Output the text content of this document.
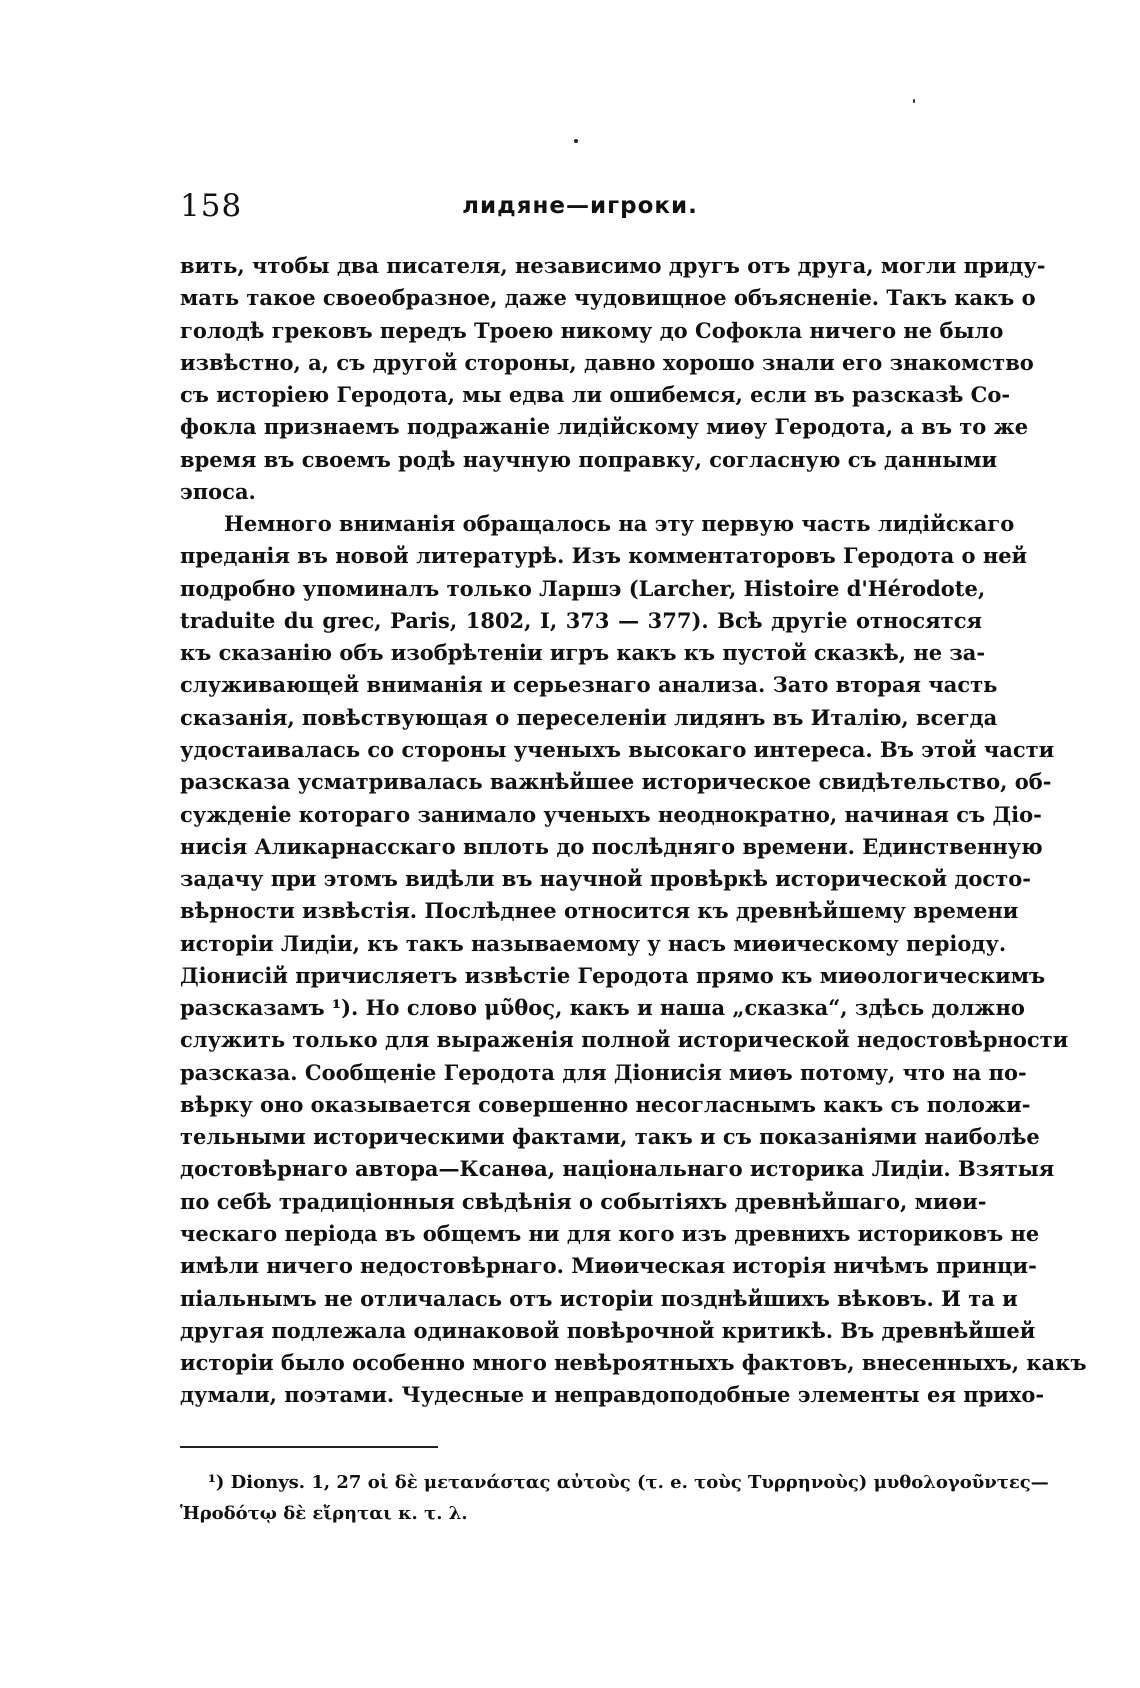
158	лидяне—игроки.
вить, чтобы два писателя, независимо другъ отъ друга, могли приду-
мать такое своеобразное, даже чудовищное объясненіе. Такъ какъ о
голодѣ грековъ передъ Троею никому до Софокла ничего не было
извѣстно, а, съ другой стороны, давно хорошо знали его знакомство
съ исторіею Геродота, мы едва ли ошибемся, если въ разсказѣ Со-
фокла признаемъ подражаніе лидійскому миѳу Геродота, а въ то же
время въ своемъ родѣ научную поправку, согласную съ данными
эпоса.
Немного вниманія обращалось на эту первую часть лидійскаго
преданія въ новой литературѣ. Изъ комментаторовъ Геродота о ней
подробно упоминалъ только Ларшэ (Larcher, Histoire d'Hérodote,
traduite du grec, Paris, 1802, I, 373 — 377). Всѣ другіе относятся
къ сказанію объ изобрѣтеніи игръ какъ къ пустой сказкѣ, не за-
служивающей вниманія и серьезнаго анализа. Зато вторая часть
сказанія, повѣствующая о переселеніи лидянъ въ Италію, всегда
удостаивалась со стороны ученыхъ высокаго интереса. Въ этой части
разсказа усматривалась важнѣйшее историческое свидѣтельство, об-
сужденіе котораго занимало ученыхъ неоднократно, начиная съ Діо-
нисія Аликарнасскаго вплоть до послѣдняго времени. Единственную
задачу при этомъ видѣли въ научной провѣркѣ исторической досто-
вѣрности извѣстія. Послѣднее относится къ древнѣйшему времени
исторіи Лидіи, къ такъ называемому у насъ миѳическому періоду.
Діонисій причисляетъ извѣстіе Геродота прямо къ миѳологическимъ
разсказамъ ¹). Но слово μῦθος, какъ и наша „сказка“, здѣсь должно
служить только для выраженія полной исторической недостовѣрности
разсказа. Сообщеніе Геродота для Діонисія миѳъ потому, что на по-
вѣрку оно оказывается совершенно несогласнымъ какъ съ положи-
тельными историческими фактами, такъ и съ показаніями наиболѣе
достовѣрнаго автора—Ксанѳа, національнаго историка Лидіи. Взятыя
по себѣ традиціонныя свѣдѣнія о событіяхъ древнѣйшаго, миѳи-
ческаго періода въ общемъ ни для кого изъ древнихъ историковъ не
имѣли ничего недостовѣрнаго. Миѳическая исторія ничѣмъ принци-
піальнымъ не отличалась отъ исторіи позднѣйшихъ вѣковъ. И та и
другая подлежала одинаковой повѣрочной критикѣ. Въ древнѣйшей
исторіи было особенно много невѣроятныхъ фактовъ, внесенныхъ, какъ
думали, поэтами. Чудесные и неправдоподобные элементы ея прихо-
¹) Dionys. 1, 27 οἱ δὲ μετανάστας αὐτοὺς (τ. e. τοὺς Τυρρηνοὺς) μυθολογοῦντες—
Ἡροδότῳ δὲ εἴρηται κ. τ. λ.
